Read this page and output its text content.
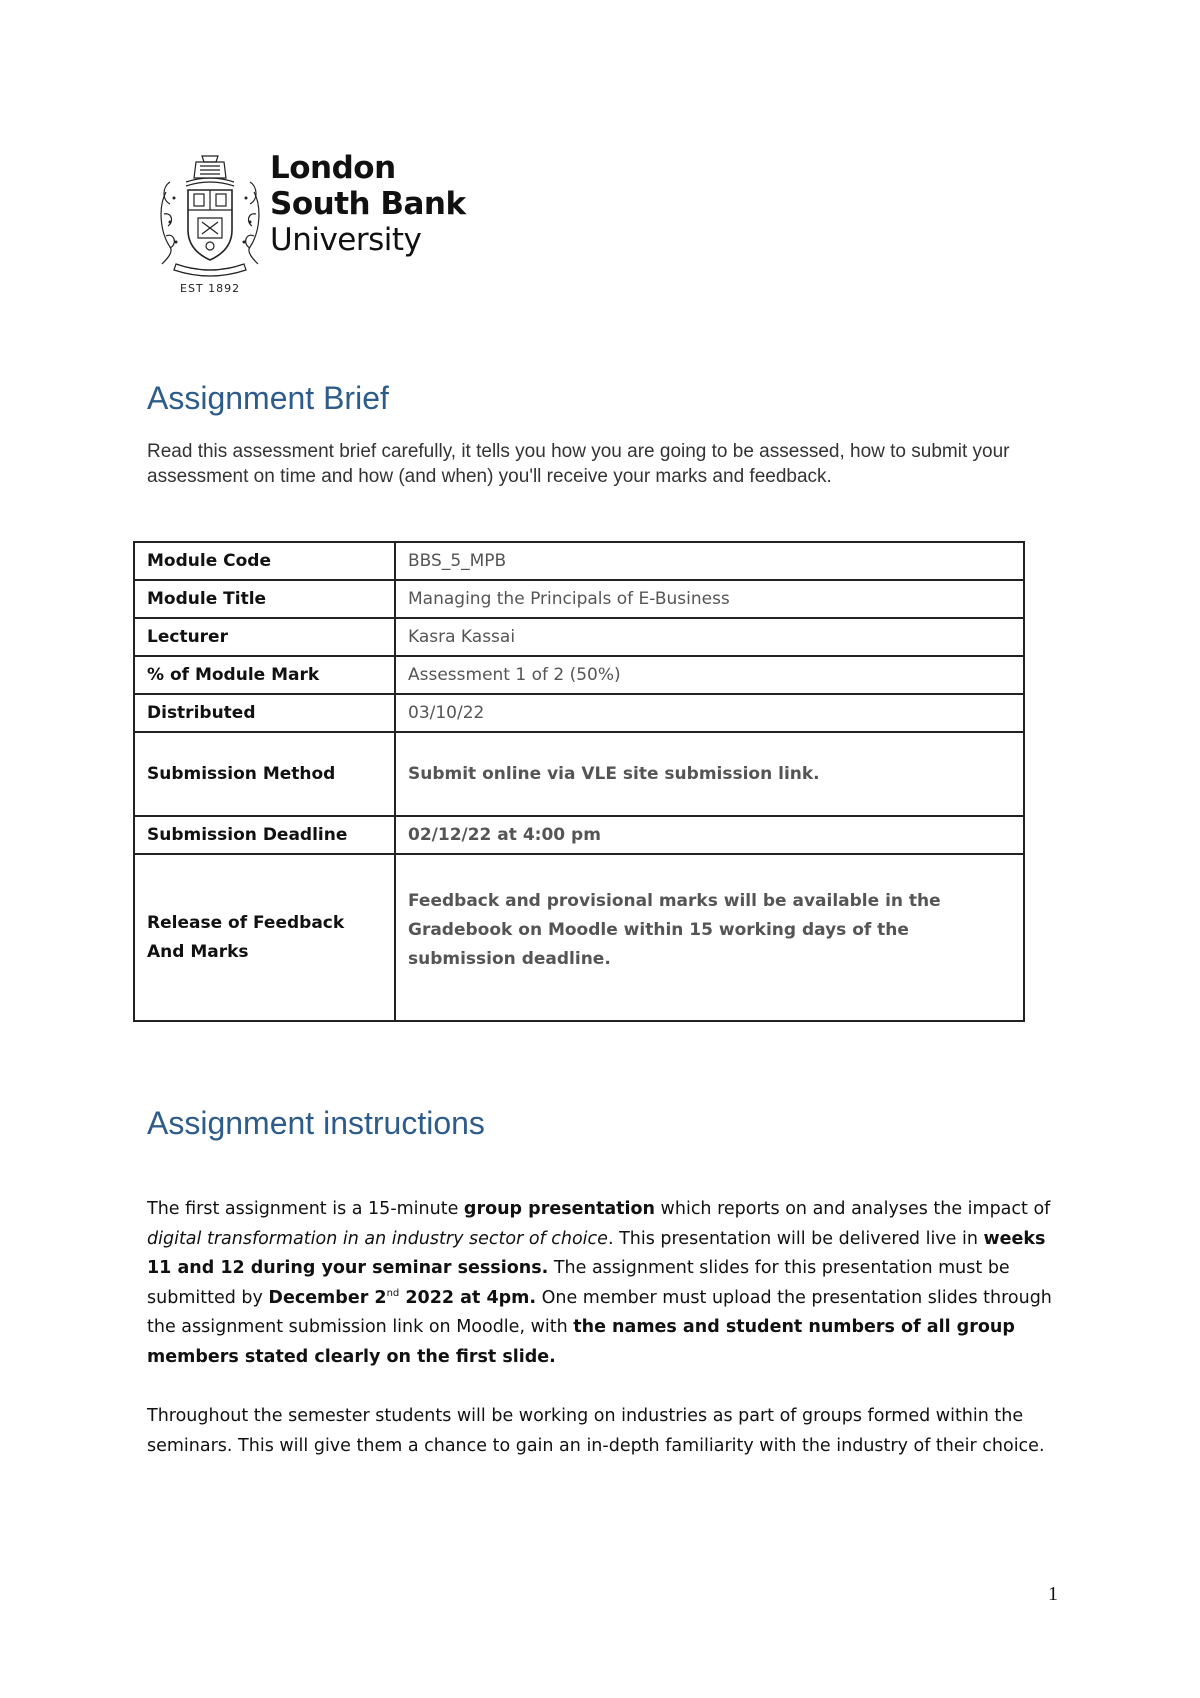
EST 1892
London
South Bank
University
Assignment Brief

Read this assessment brief carefully, it tells you how you are going to be assessed, how to submit your assessment on time and how (and when) you'll receive your marks and feedback.

Module Code	BBS_5_MPB
Module Title	Managing the Principals of E-Business
Lecturer	Kasra Kassai
% of Module Mark	Assessment 1 of 2 (50%)
Distributed	03/10/22
Submission Method	Submit online via VLE site submission link.
Submission Deadline	02/12/22 at 4:00 pm
Release of Feedback And Marks	Feedback and provisional marks will be available in the Gradebook on Moodle within 15 working days of the submission deadline.
Assignment instructions

The first assignment is a 15-minute group presentation which reports on and analyses the impact of digital transformation in an industry sector of choice. This presentation will be delivered live in weeks 11 and 12 during your seminar sessions. The assignment slides for this presentation must be submitted by December 2nd 2022 at 4pm. One member must upload the presentation slides through the assignment submission link on Moodle, with the names and student numbers of all group members stated clearly on the first slide.

Throughout the semester students will be working on industries as part of groups formed within the seminars. This will give them a chance to gain an in-depth familiarity with the industry of their choice.

1
